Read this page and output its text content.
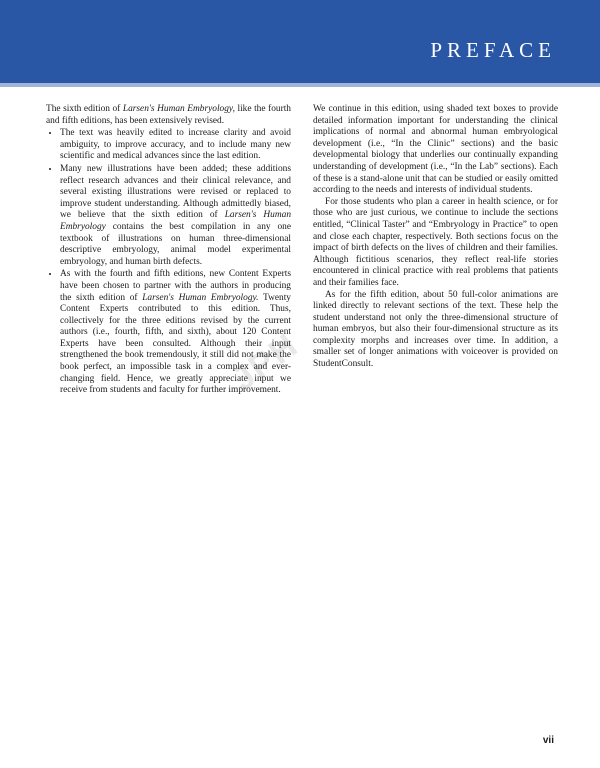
PREFACE
JPH

The sixth edition of Larsen's Human Embryology, like the fourth and fifth editions, has been extensively revised.

• The text was heavily edited to increase clarity and avoid ambiguity, to improve accuracy, and to include many new scientific and medical advances since the last edition.
• Many new illustrations have been added; these additions reflect research advances and their clinical relevance, and several existing illustrations were revised or replaced to improve student understanding. Although admittedly biased, we believe that the sixth edition of Larsen's Human Embryology contains the best compilation in any one textbook of illustrations on human three-dimensional descriptive embryology, animal model experimental embryology, and human birth defects.
• As with the fourth and fifth editions, new Content Experts have been chosen to partner with the authors in producing the sixth edition of Larsen's Human Embryology. Twenty Content Experts contributed to this edition. Thus, collectively for the three editions revised by the current authors (i.e., fourth, fifth, and sixth), about 120 Content Experts have been consulted. Although their input strengthened the book tremendously, it still did not make the book perfect, an impossible task in a complex and ever-changing field. Hence, we greatly appreciate input we receive from students and faculty for further improvement.

We continue in this edition, using shaded text boxes to provide detailed information important for understanding the clinical implications of normal and abnormal human embryological development (i.e., “In the Clinic” sections) and the basic developmental biology that underlies our continually expanding understanding of development (i.e., “In the Lab” sections). Each of these is a stand-alone unit that can be studied or easily omitted according to the needs and interests of individual students.

For those students who plan a career in health science, or for those who are just curious, we continue to include the sections entitled, “Clinical Taster” and “Embryology in Practice” to open and close each chapter, respectively. Both sections focus on the impact of birth defects on the lives of children and their families. Although fictitious scenarios, they reflect real-life stories encountered in clinical practice with real problems that patients and their families face.

As for the fifth edition, about 50 full-color animations are linked directly to relevant sections of the text. These help the student understand not only the three-dimensional structure of human embryos, but also their four-dimensional structure as its complexity morphs and increases over time. In addition, a smaller set of longer animations with voiceover is provided on StudentConsult.

vii
